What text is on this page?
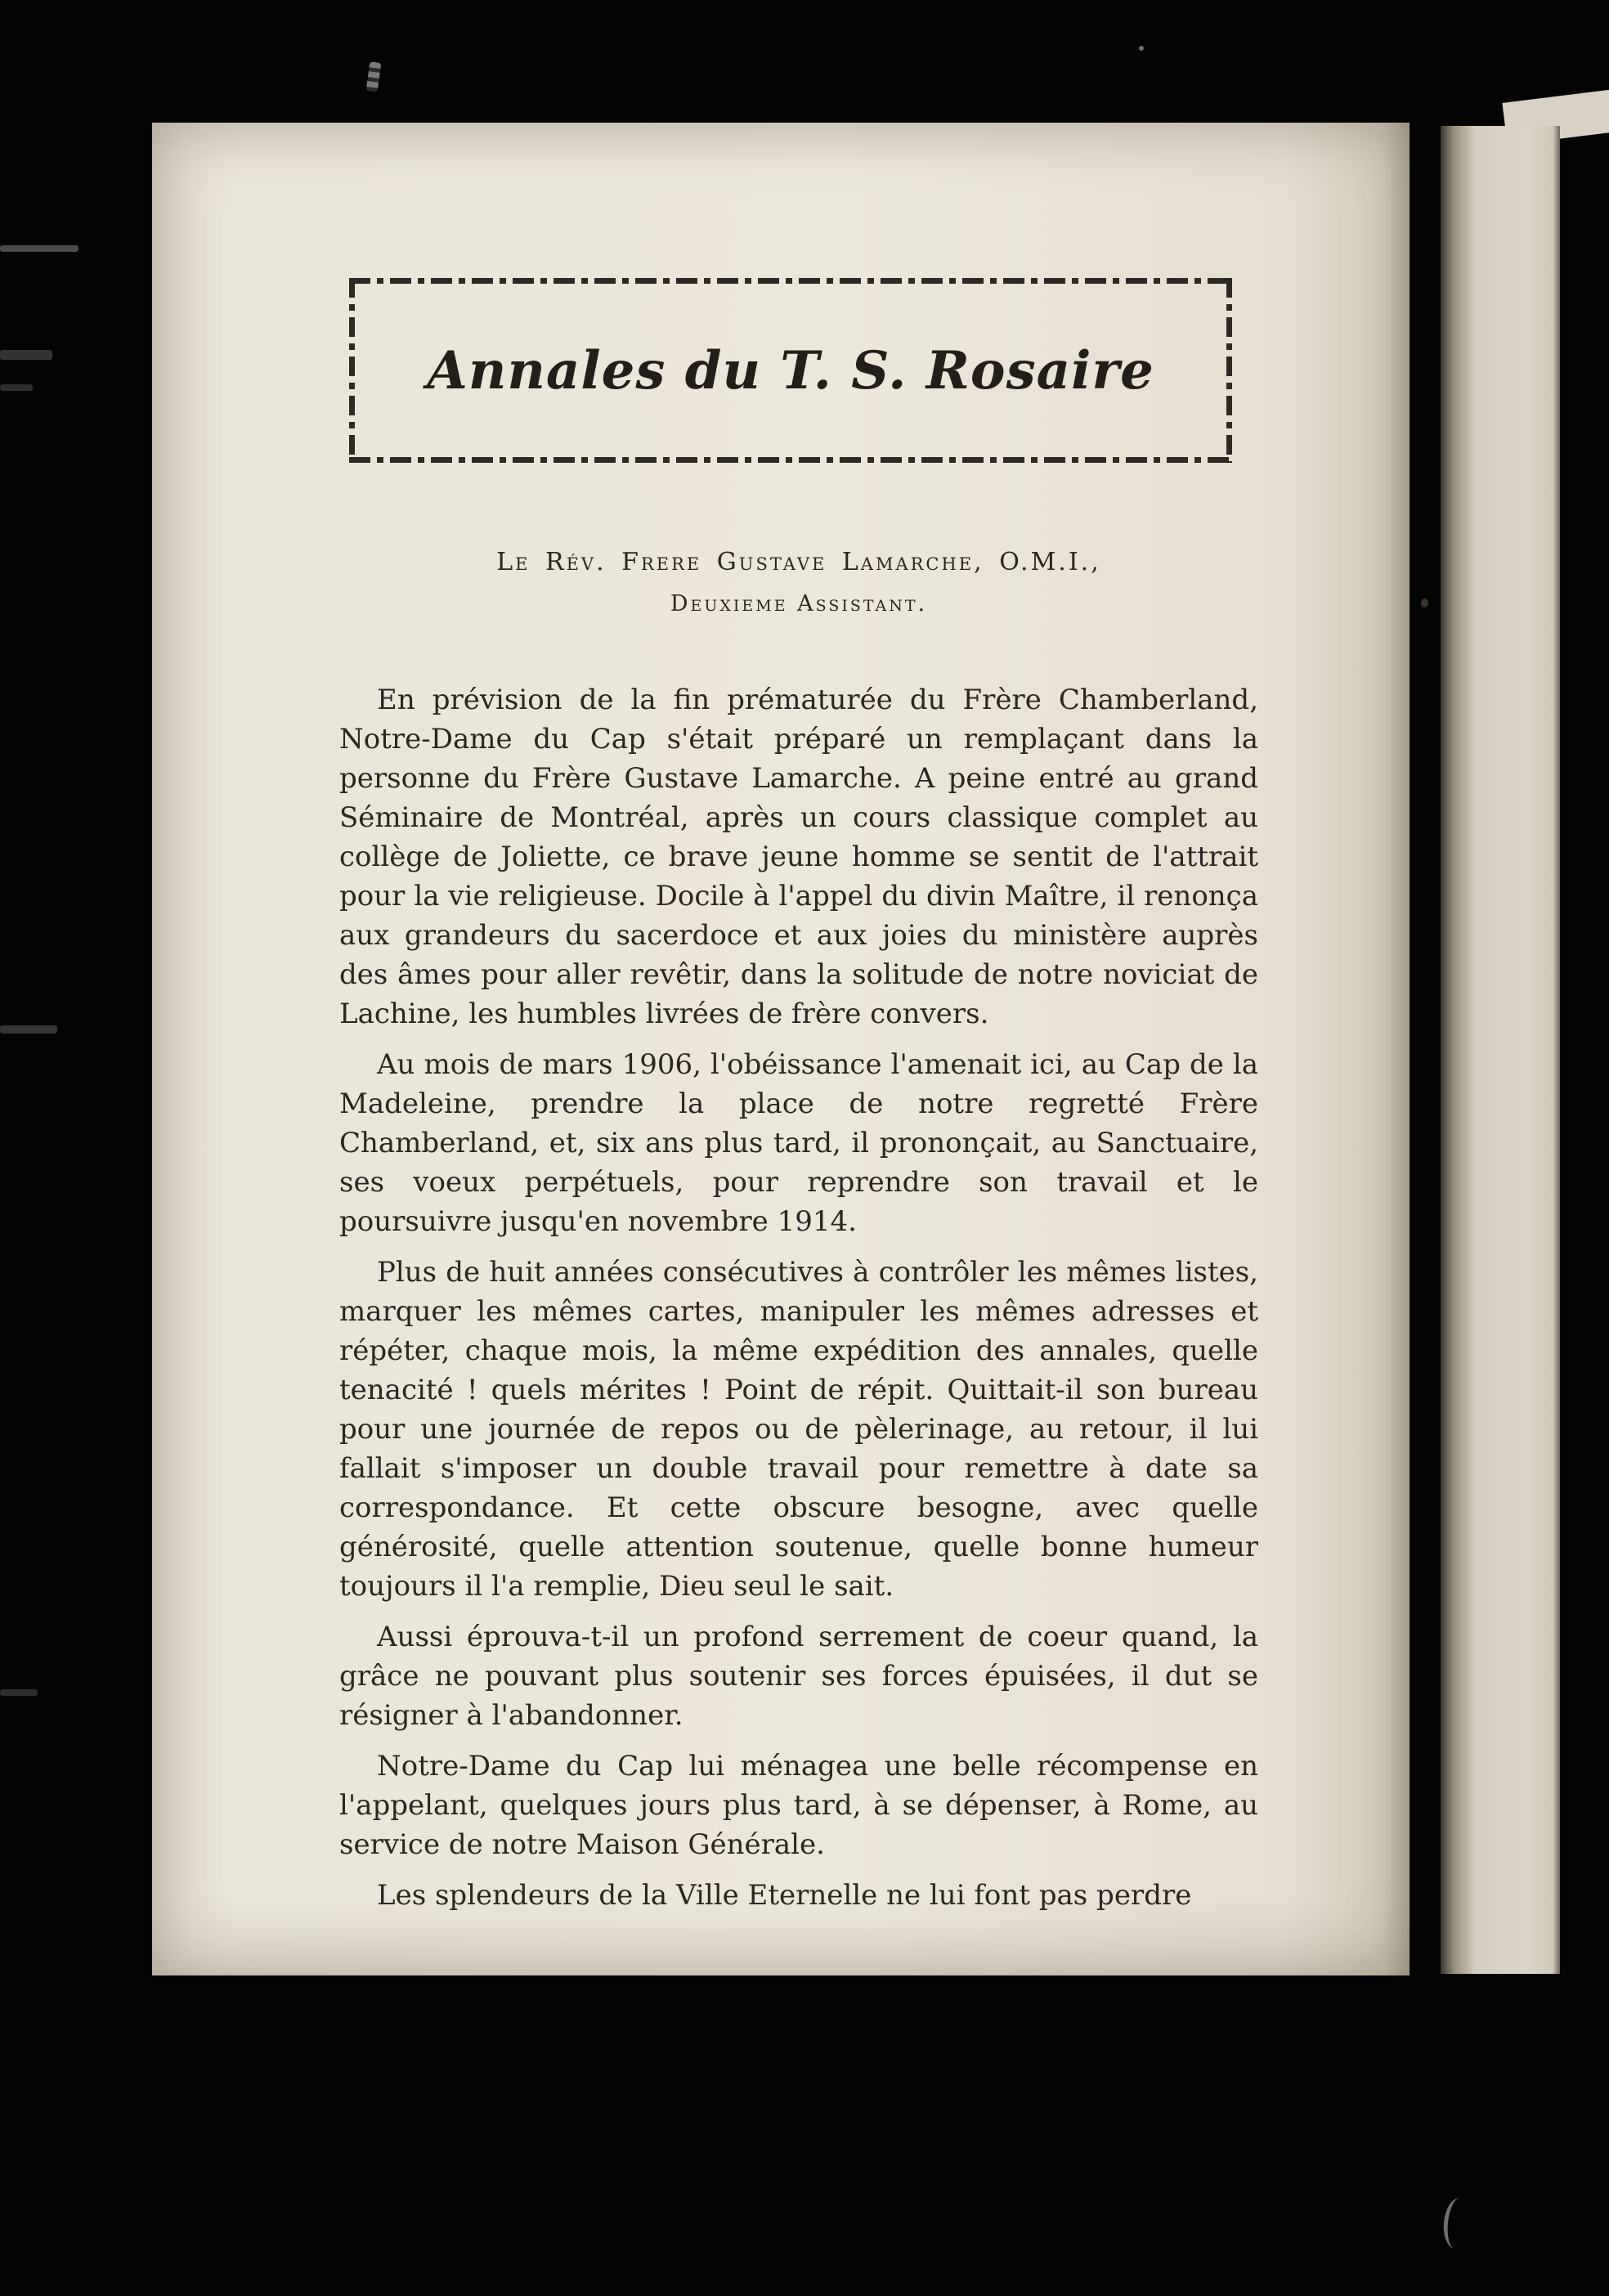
Annales du T. S. Rosaire
Le Rév. Frere Gustave Lamarche, O.M.I.,
Deuxieme Assistant.

En prévision de la fin prématurée du Frère Chamberland, Notre-Dame du Cap s'était préparé un remplaçant dans la personne du Frère Gustave Lamarche. A peine entré au grand Séminaire de Montréal, après un cours classique complet au collège de Joliette, ce brave jeune homme se sentit de l'attrait pour la vie religieuse. Docile à l'appel du divin Maître, il renonça aux grandeurs du sacerdoce et aux joies du ministère auprès des âmes pour aller revêtir, dans la solitude de notre noviciat de Lachine, les humbles livrées de frère convers.

Au mois de mars 1906, l'obéissance l'amenait ici, au Cap de la Madeleine, prendre la place de notre regretté Frère Chamberland, et, six ans plus tard, il prononçait, au Sanctuaire, ses voeux perpétuels, pour reprendre son travail et le poursuivre jusqu'en novembre 1914.

Plus de huit années consécutives à contrôler les mêmes listes, marquer les mêmes cartes, manipuler les mêmes adresses et répéter, chaque mois, la même expédition des annales, quelle tenacité ! quels mérites ! Point de répit. Quittait-il son bureau pour une journée de repos ou de pèlerinage, au retour, il lui fallait s'imposer un double travail pour remettre à date sa correspondance. Et cette obscure besogne, avec quelle générosité, quelle attention soutenue, quelle bonne humeur toujours il l'a remplie, Dieu seul le sait.

Aussi éprouva-t-il un profond serrement de coeur quand, la grâce ne pouvant plus soutenir ses forces épuisées, il dut se résigner à l'abandonner.

Notre-Dame du Cap lui ménagea une belle récompense en l'appelant, quelques jours plus tard, à se dépenser, à Rome, au service de notre Maison Générale.

Les splendeurs de la Ville Eternelle ne lui font pas perdre
